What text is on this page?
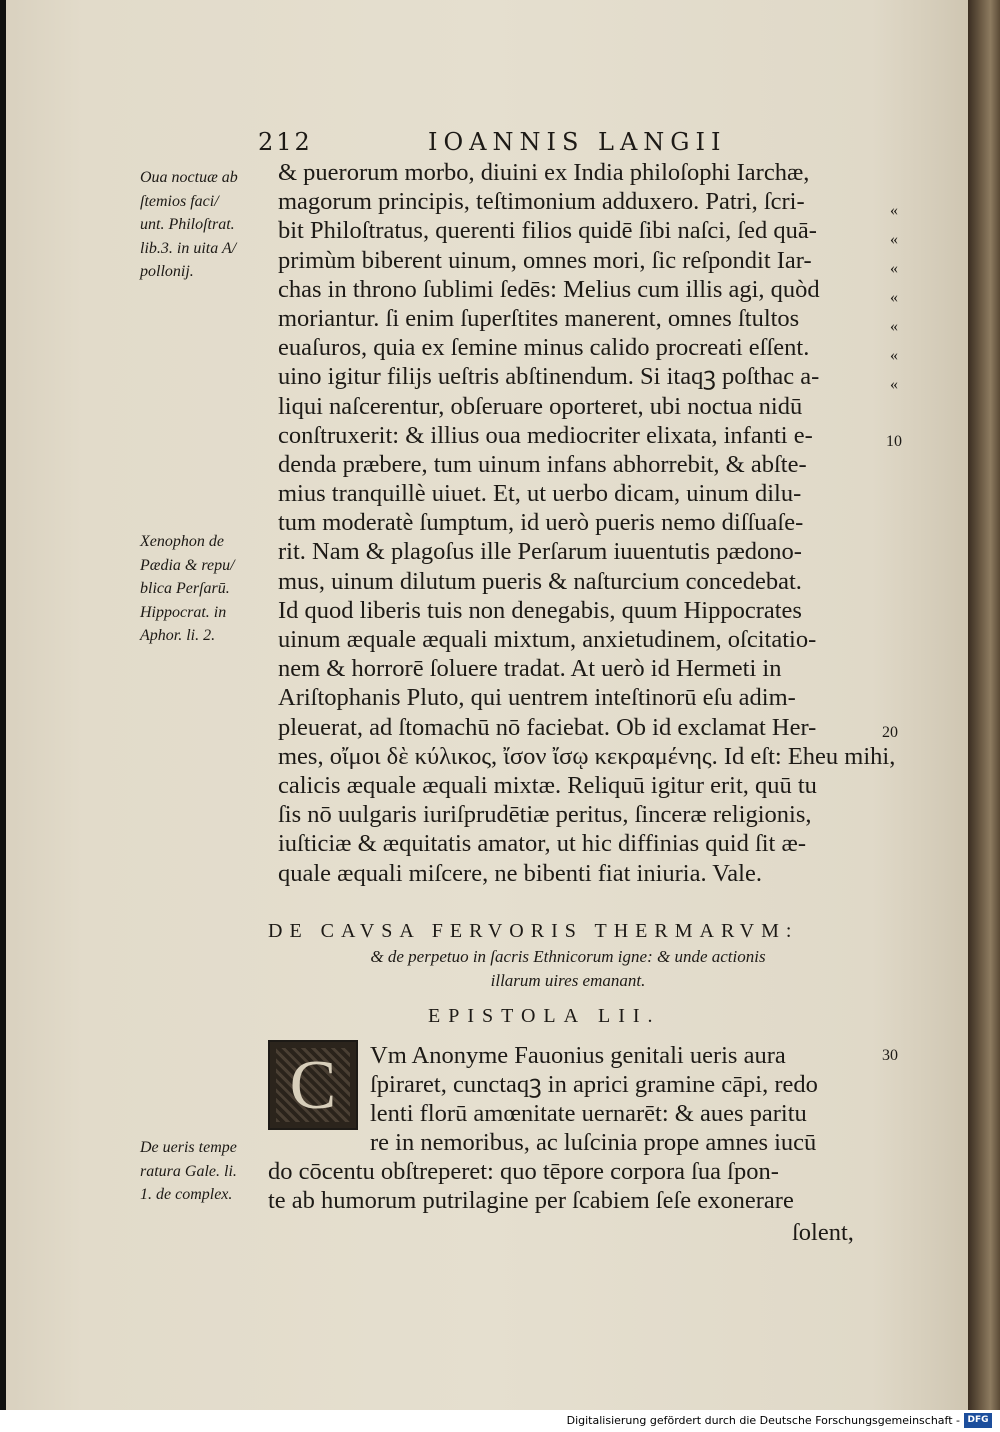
212	IOANNIS LANGII
Oua noctuæ ab
ſtemios faci/
unt. Philoſtrat.
lib.3. in uita A/
pollonij.
Xenophon de
Pædia & repu/
blica Perſarū.
Hippocrat. in
Aphor. li. 2.
De ueris tempe
ratura Gale. li.
1. de complex.
& puerorum morbo, diuini ex India philoſophi Iarchæ,
magorum principis, teſtimonium adduxero. Patri, ſcri-
bit Philoſtratus, querenti filios quidē ſibi naſci, ſed quā-
primùm biberent uinum, omnes mori, ſic reſpondit Iar-
chas in throno ſublimi ſedēs: Melius cum illis agi, quòd
moriantur. ſi enim ſuperſtites manerent, omnes ſtultos
euaſuros, quia ex ſemine minus calido procreati eſſent.
uino igitur filijs ueſtris abſtinendum. Si itaqꝫ poſthac a-
liqui naſcerentur, obſeruare oporteret, ubi noctua nidū
conſtruxerit: & illius oua mediocriter elixata, infanti e-
denda præbere, tum uinum infans abhorrebit, & abſte-
mius tranquillè uiuet. Et, ut uerbo dicam, uinum dilu-
tum moderatè ſumptum, id uerò pueris nemo diſſuaſe-
rit. Nam & plagoſus ille Perſarum iuuentutis pædono-
mus, uinum dilutum pueris & naſturcium concedebat.
Id quod liberis tuis non denegabis, quum Hippocrates
uinum æquale æquali mixtum, anxietudinem, oſcitatio-
nem & horrorē ſoluere tradat. At uerò id Hermeti in
Ariſtophanis Pluto, qui uentrem inteſtinorū eſu adim-
pleuerat, ad ſtomachū nō faciebat. Ob id exclamat Her-
mes, οἴμοι δὲ κύλικος, ἴσον ἴσῳ κεκραμένης. Id eſt: Eheu mihi,
calicis æquale æquali mixtæ. Reliquū igitur erit, quū tu
ſis nō uulgaris iuriſprudētiæ peritus, ſinceræ religionis,
iuſticiæ & æquitatis amator, ut hic diffinias quid ſit æ-
quale æquali miſcere, ne bibenti fiat iniuria. Vale.
«
«
«
«
«
«
«
10
20
30
DE CAVSA FERVORIS THERMARVM:
& de perpetuo in ſacris Ethnicorum igne: & unde actionis
illarum uires emanant.
EPISTOLA LII.
C	Vm Anonyme Fauonius genitali ueris aura
ſpiraret, cunctaqꝫ in aprici gramine cāpi, redo
lenti florū amœnitate uernarēt: & aues paritu
re in nemoribus, ac luſcinia prope amnes iucū
do cōcentu obſtreperet: quo tēpore corpora ſua ſpon-
te ab humorum putrilagine per ſcabiem ſeſe exonerare
ſolent,
Digitalisierung gefördert durch die Deutsche Forschungsgemeinschaft - DFG
